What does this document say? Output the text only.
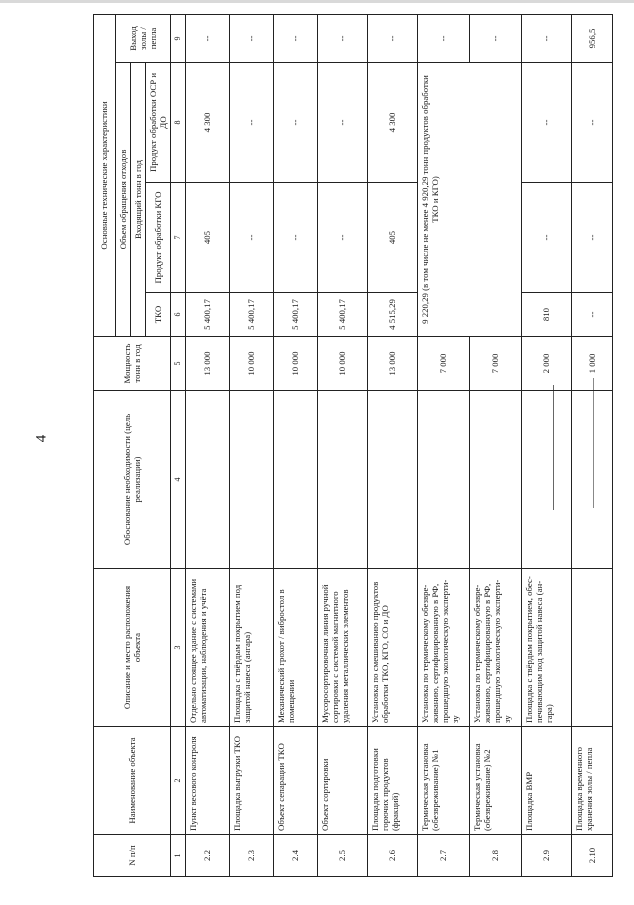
4
N п/п	Наименование объекта	Описание и место расположения объекта	Обоснование необходимости (цель реализации)	Мощность тонн в год	Основные технические характеристики			
					Объем обращения отходов			Выход золы / пепла
					Входящий тонн в год			
					ТКО	Продукт обработки КГО	Продукт обработки ОСР и ДО	
1	2	3	4	5	6	7	8	9
2.2	Пункт весового контроля	Отдельно стоящее здание с системами автоматизации, наблюдения и учёта		13 000	5 400,17	405	4 300	--
2.3	Площадка выгрузки ТКО	Площадка с твёрдым покрытием под защитой навеса (ангара)		10 000	5 400,17	--	--	--
2.4	Объект сепарации ТКО	Механический грохот / вибростол в помещении		10 000	5 400,17	--	--	--
2.5	Объект сортировки	Мусоросортировочная линия ручной сортировки с системой магнитного удаления металлических элементов		10 000	5 400,17	--	--	--
2.6	Площадка подготовки горючих продуктов (фракций)	Установка по смешиванию продуктов обработки ТКО, КГО, СО и ДО		13 000	4 515,29	405	4 300	--
2.7	Термическая установка (обезвреживание) №1	Установка по термическому обезвре-живанию, сертифицированную в РФ, прошедшую экологическую эксперти-зу		7 000	9 220,29 (в том числе не менее 4 920,29 тонн продуктов обработки ТКО и КГО)			--
2.8	Термическая установка (обезвреживание) №2	Установка по термическому обезвре-живанию, сертифицированную в РФ, прошедшую экологическую эксперти-зу		7 000				--
2.9	Площадка ВМР	Площадка с твёрдым покрытием, обес-печивающим под защитой навеса (ан-гара)		2 000	810	--	--	--
2.10	Площадка временного хранения золы / пепла			1 000	--	--	--	956,5
